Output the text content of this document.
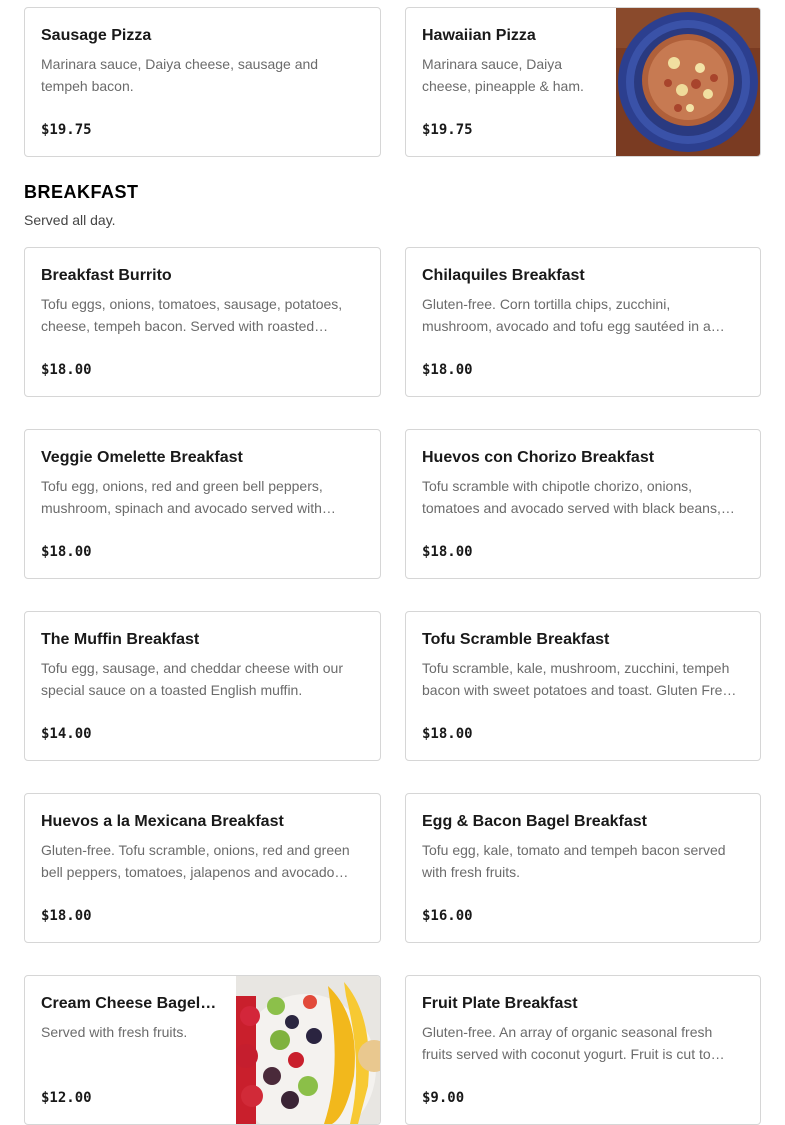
Sausage Pizza
Marinara sauce, Daiya cheese, sausage and tempeh bacon.
$19.75
Hawaiian Pizza
Marinara sauce, Daiya cheese, pineapple & ham.
$19.75
BREAKFAST
Served all day.
Breakfast Burrito
Tofu eggs, onions, tomatoes, sausage, potatoes, cheese, tempeh bacon. Served with roasted…
$18.00
Chilaquiles Breakfast
Gluten-free. Corn tortilla chips, zucchini, mushroom, avocado and tofu egg sautéed in a…
$18.00
Veggie Omelette Breakfast
Tofu egg, onions, red and green bell peppers, mushroom, spinach and avocado served with…
$18.00
Huevos con Chorizo Breakfast
Tofu scramble with chipotle chorizo, onions, tomatoes and avocado served with black beans,…
$18.00
The Muffin Breakfast
Tofu egg, sausage, and cheddar cheese with our special sauce on a toasted English muffin.
$14.00
Tofu Scramble Breakfast
Tofu scramble, kale, mushroom, zucchini, tempeh bacon with sweet potatoes and toast. Gluten Fre…
$18.00
Huevos a la Mexicana Breakfast
Gluten-free. Tofu scramble, onions, red and green bell peppers, tomatoes, jalapenos and avocado…
$18.00
Egg & Bacon Bagel Breakfast
Tofu egg, kale, tomato and tempeh bacon served with fresh fruits.
$16.00
Cream Cheese Bagel…
Served with fresh fruits.
$12.00
Fruit Plate Breakfast
Gluten-free. An array of organic seasonal fresh fruits served with coconut yogurt. Fruit is cut to…
$9.00
